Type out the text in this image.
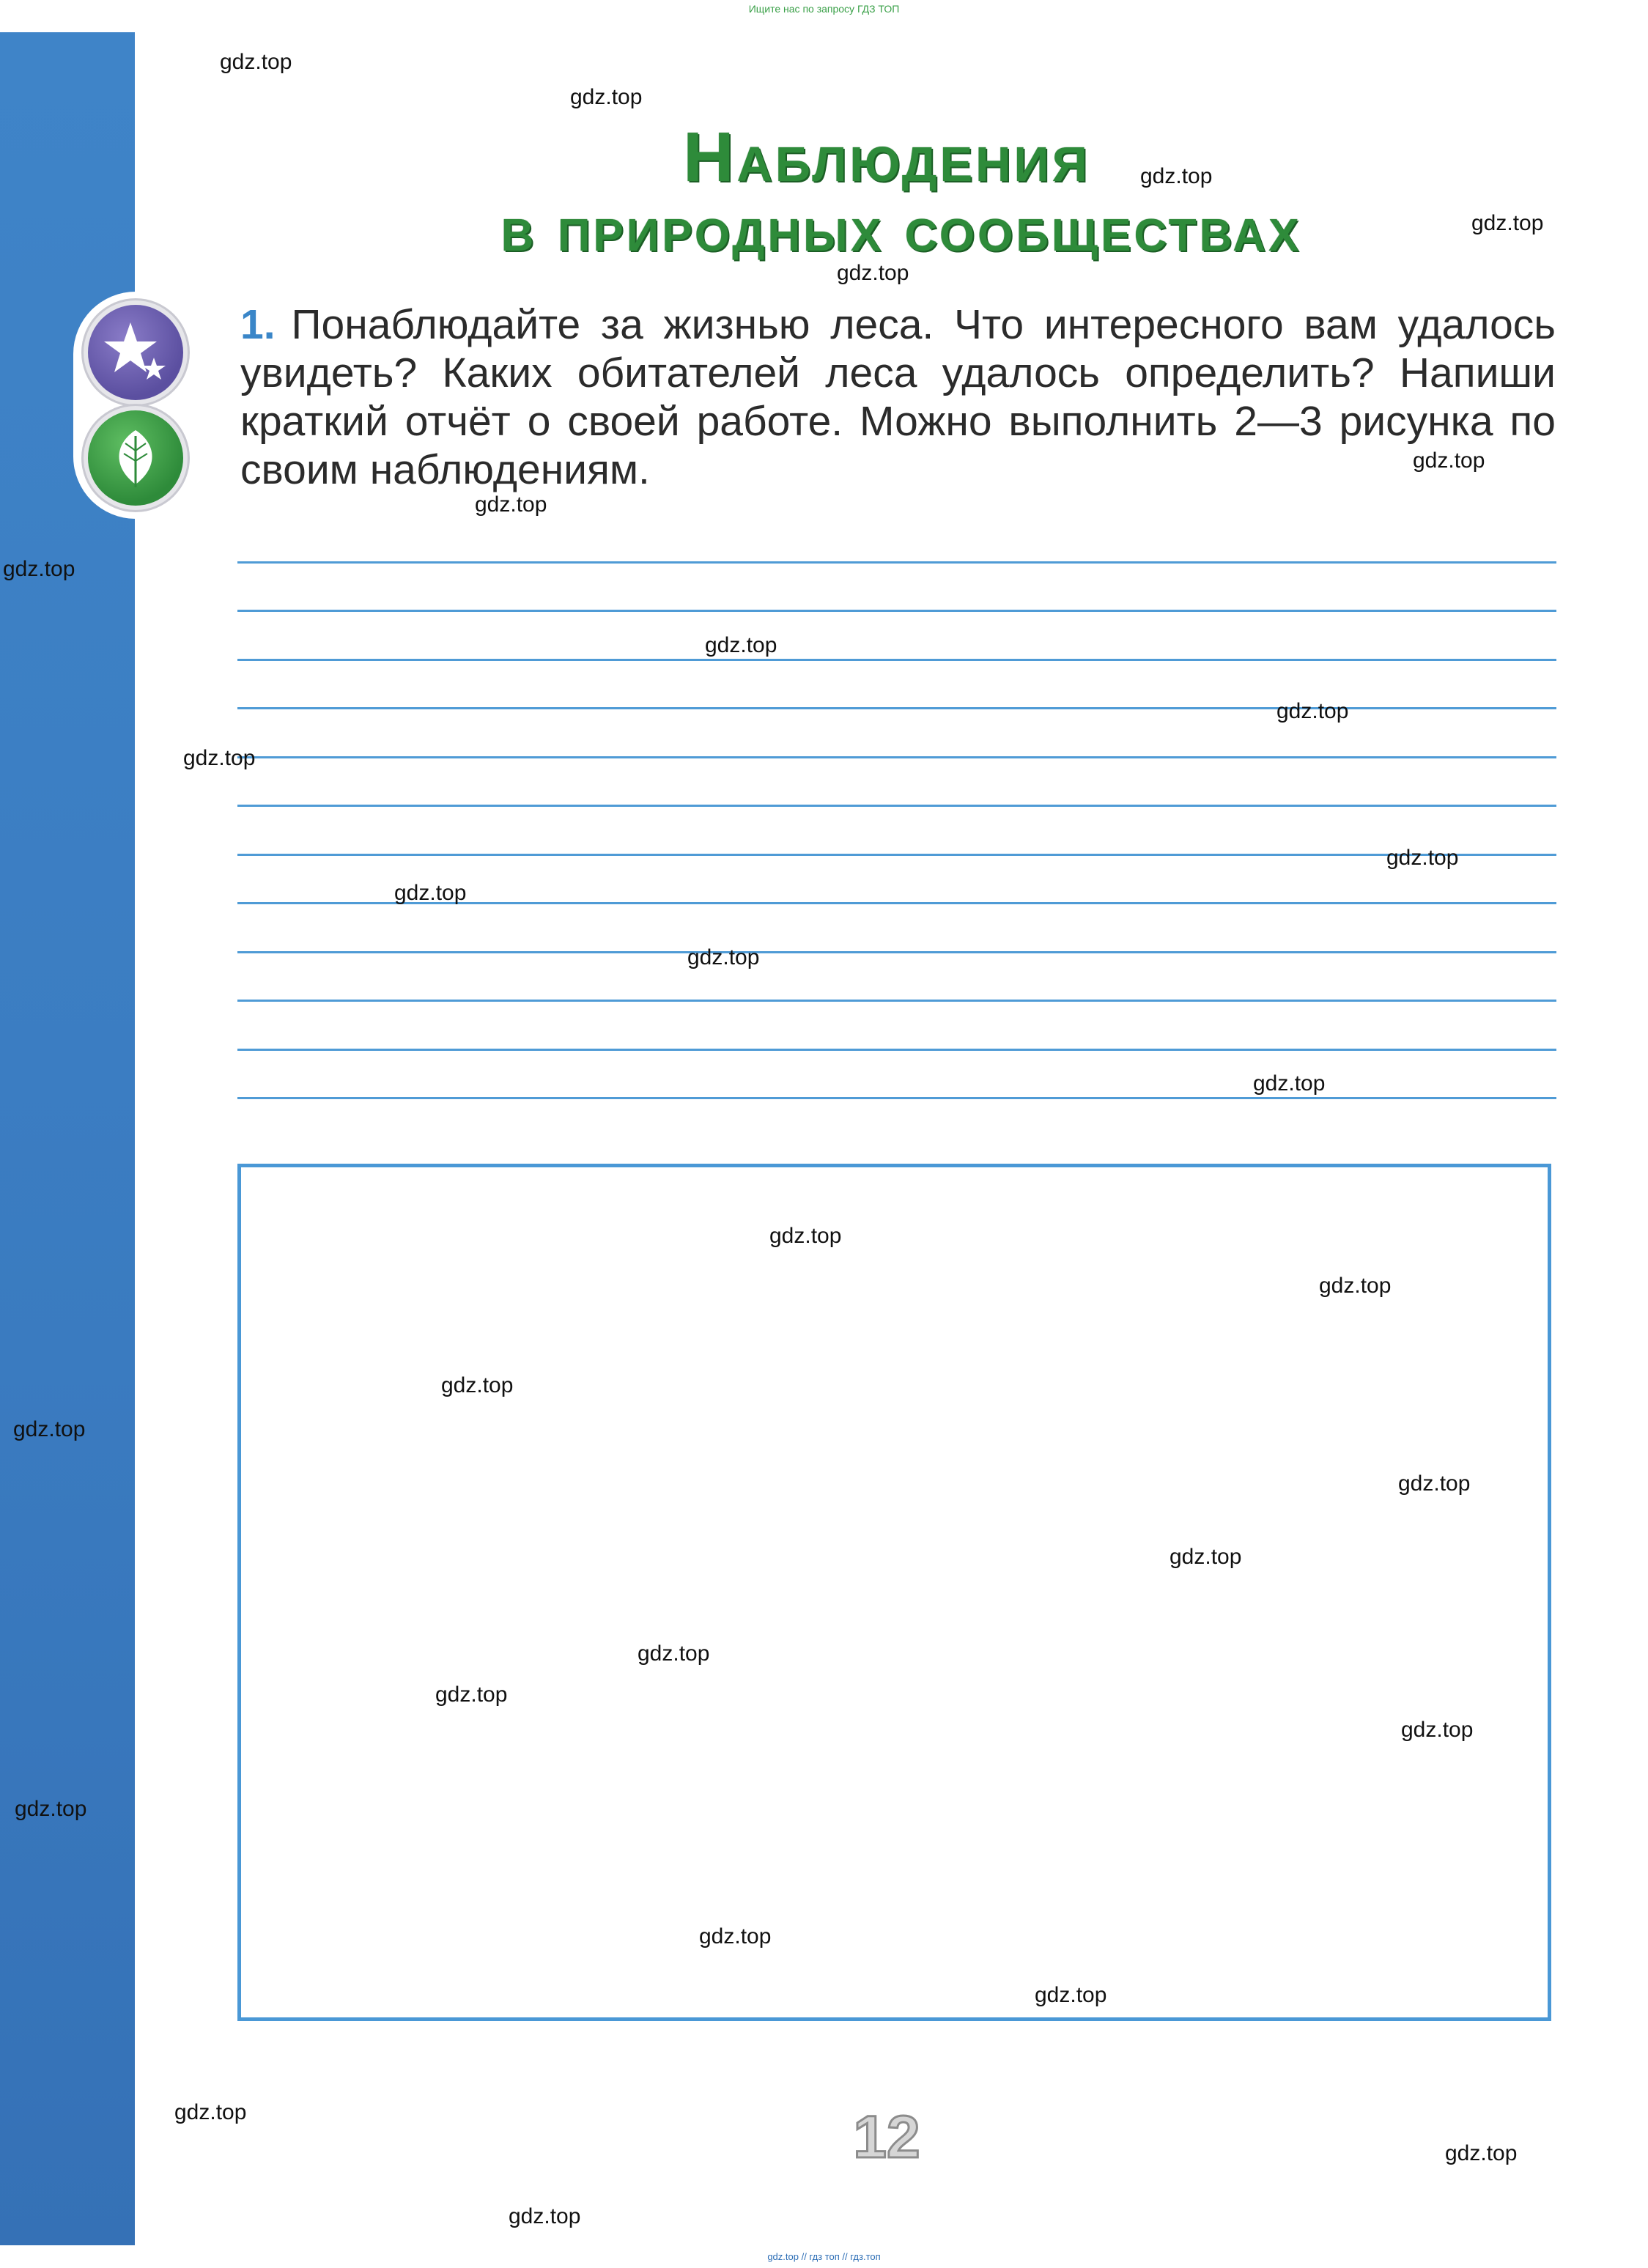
Ищите нас по запросу ГДЗ ТОП
Наблюдения
в природных сообществах
1. Понаблюдайте за жизнью леса. Что интересного вам удалось увидеть? Каких обитателей леса удалось определить? Напиши краткий отчёт о своей работе. Можно выполнить 2—3 рисунка по своим наблюдениям.
12
gdz.top // гдз топ // гдз.топ
gdz.top
gdz.top
gdz.top
gdz.top
gdz.top
gdz.top
gdz.top
gdz.top
gdz.top
gdz.top
gdz.top
gdz.top
gdz.top
gdz.top
gdz.top
gdz.top
gdz.top
gdz.top
gdz.top
gdz.top
gdz.top
gdz.top
gdz.top
gdz.top
gdz.top
gdz.top
gdz.top
gdz.top
gdz.top
gdz.top
